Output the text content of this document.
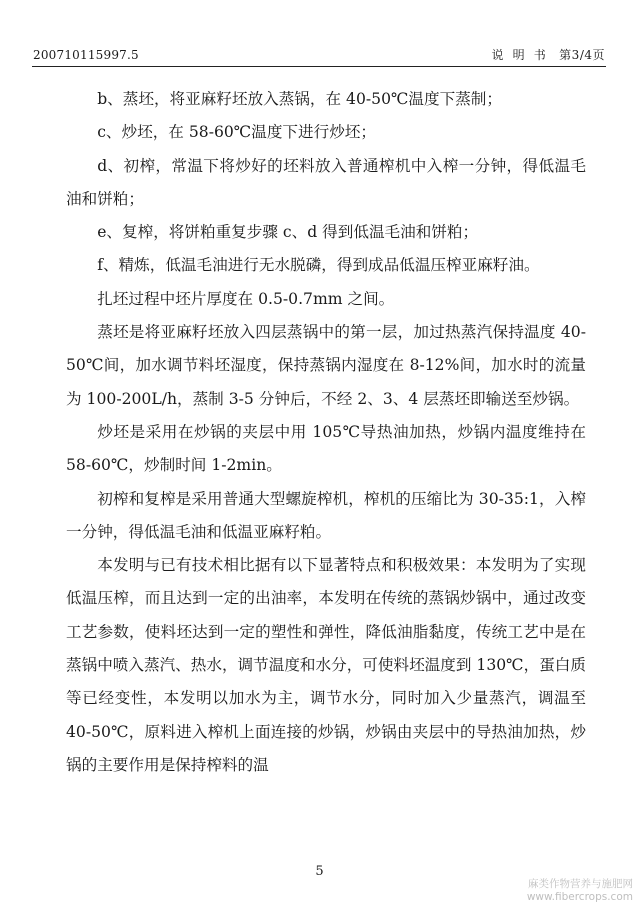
200710115997.5	说  明  书   第3/4页

b、蒸坯，将亚麻籽坯放入蒸锅，在 40-50℃温度下蒸制；

c、炒坯，在 58-60℃温度下进行炒坯；

d、初榨，常温下将炒好的坯料放入普通榨机中入榨一分钟，得低温毛油和饼粕；

e、复榨，将饼粕重复步骤 c、d 得到低温毛油和饼粕；

f、精炼，低温毛油进行无水脱磷，得到成品低温压榨亚麻籽油。

扎坯过程中坯片厚度在 0.5-0.7mm 之间。

蒸坯是将亚麻籽坯放入四层蒸锅中的第一层，加过热蒸汽保持温度 40-50℃间，加水调节料坯湿度，保持蒸锅内湿度在 8-12%间，加水时的流量为 100-200L/h，蒸制 3-5 分钟后，不经 2、3、4 层蒸坯即输送至炒锅。

炒坯是采用在炒锅的夹层中用 105℃导热油加热，炒锅内温度维持在 58-60℃，炒制时间 1-2min。

初榨和复榨是采用普通大型螺旋榨机，榨机的压缩比为 30-35:1，入榨一分钟，得低温毛油和低温亚麻籽粕。

本发明与已有技术相比据有以下显著特点和积极效果：本发明为了实现低温压榨，而且达到一定的出油率，本发明在传统的蒸锅炒锅中，通过改变工艺参数，使料坯达到一定的塑性和弹性，降低油脂黏度，传统工艺中是在蒸锅中喷入蒸汽、热水，调节温度和水分，可使料坯温度到 130℃，蛋白质等已经变性，本发明以加水为主，调节水分，同时加入少量蒸汽，调温至 40-50℃，原料进入榨机上面连接的炒锅，炒锅由夹层中的导热油加热，炒锅的主要作用是保持榨料的温

5
麻类作物营养与施肥网
www.fibercrops.com
